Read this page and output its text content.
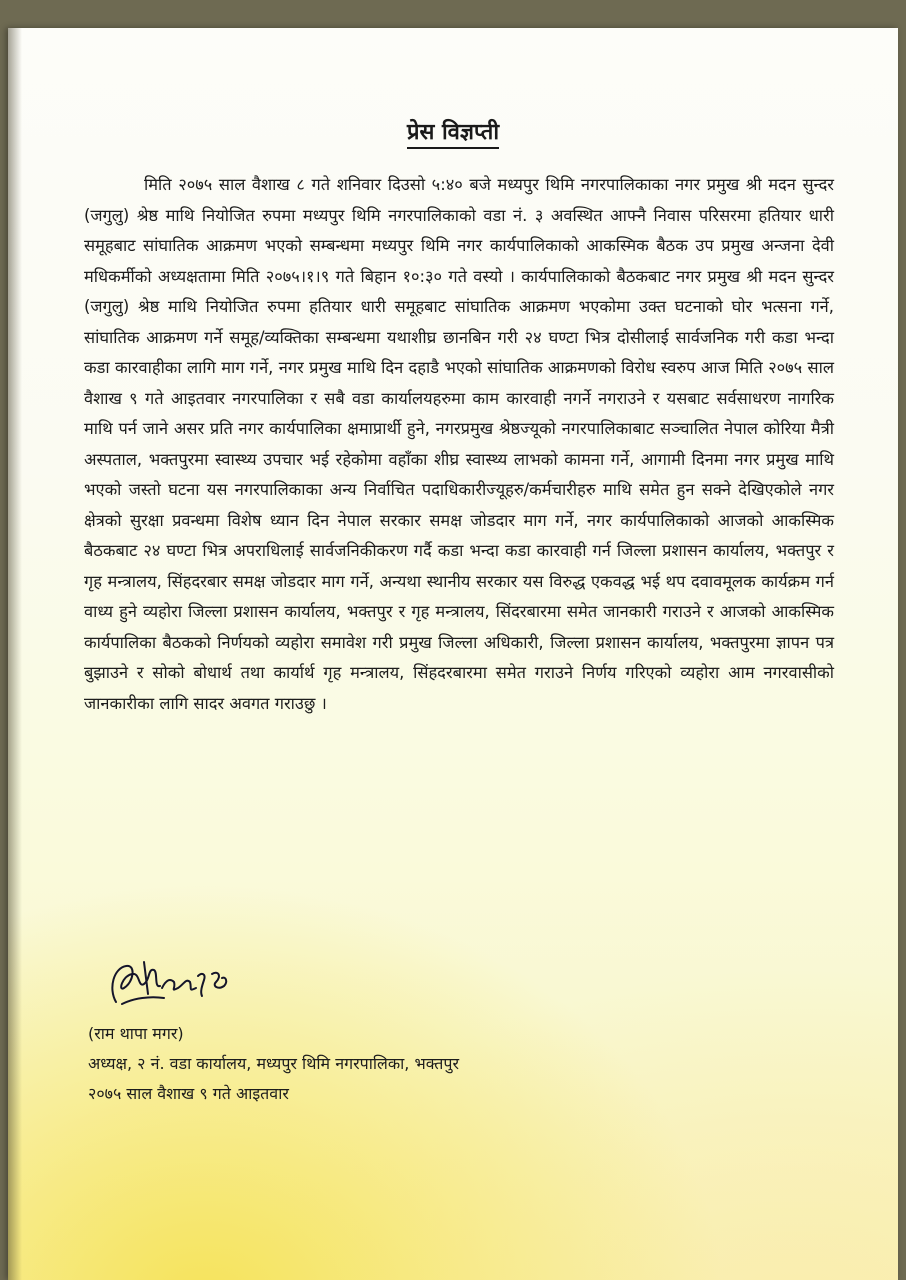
प्रेस विज्ञप्ती

मिति २०७५ साल वैशाख ८ गते शनिवार दिउसो ५:४० बजे मध्यपुर थिमि नगरपालिकाका नगर प्रमुख श्री मदन सुन्दर (जगुलु) श्रेष्ठ माथि नियोजित रुपमा मध्यपुर थिमि नगरपालिकाको वडा नं. ३ अवस्थित आफ्नै निवास परिसरमा हतियार धारी समूहबाट सांघातिक आक्रमण भएको सम्बन्धमा मध्यपुर थिमि नगर कार्यपालिकाको आकस्मिक बैठक उप प्रमुख अन्जना देवी मधिकर्मीको अध्यक्षतामा मिति २०७५।१।९ गते बिहान १०:३० गते वस्यो । कार्यपालिकाको बैठकबाट नगर प्रमुख श्री मदन सुन्दर (जगुलु) श्रेष्ठ माथि नियोजित रुपमा हतियार धारी समूहबाट सांघातिक आक्रमण भएकोमा उक्त घटनाको घोर भत्सना गर्ने, सांघातिक आक्रमण गर्ने समूह/व्यक्तिका सम्बन्धमा यथाशीघ्र छानबिन गरी २४ घण्टा भित्र दोसीलाई सार्वजनिक गरी कडा भन्दा कडा कारवाहीका लागि माग गर्ने, नगर प्रमुख माथि दिन दहाडै भएको सांघातिक आक्रमणको विरोध स्वरुप आज मिति २०७५ साल वैशाख ९ गते आइतवार नगरपालिका र सबै वडा कार्यालयहरुमा काम कारवाही नगर्ने नगराउने र यसबाट सर्वसाधरण नागरिक माथि पर्न जाने असर प्रति नगर कार्यपालिका क्षमाप्रार्थी हुने, नगरप्रमुख श्रेष्ठज्यूको नगरपालिकाबाट सञ्चालित नेपाल कोरिया मैत्री अस्पताल, भक्तपुरमा स्वास्थ्य उपचार भई रहेकोमा वहाँका शीघ्र स्वास्थ्य लाभको कामना गर्ने, आगामी दिनमा नगर प्रमुख माथि भएको जस्तो घटना यस नगरपालिकाका अन्य निर्वाचित पदाधिकारीज्यूहरु/कर्मचारीहरु माथि समेत हुन सक्ने देखिएकोले नगर क्षेत्रको सुरक्षा प्रवन्धमा विशेष ध्यान दिन नेपाल सरकार समक्ष जोडदार माग गर्ने, नगर कार्यपालिकाको आजको आकस्मिक बैठकबाट २४ घण्टा भित्र अपराधिलाई सार्वजनिकीकरण गर्दै कडा भन्दा कडा कारवाही गर्न जिल्ला प्रशासन कार्यालय, भक्तपुर र गृह मन्त्रालय, सिंहदरबार समक्ष जोडदार माग गर्ने, अन्यथा स्थानीय सरकार यस विरुद्ध एकवद्ध भई थप दवावमूलक कार्यक्रम गर्न वाध्य हुने व्यहोरा जिल्ला प्रशासन कार्यालय, भक्तपुर र गृह मन्त्रालय, सिंदरबारमा समेत जानकारी गराउने र आजको आकस्मिक कार्यपालिका बैठकको निर्णयको व्यहोरा समावेश गरी प्रमुख जिल्ला अधिकारी, जिल्ला प्रशासन कार्यालय, भक्तपुरमा ज्ञापन पत्र बुझाउने र सोको बोधार्थ तथा कार्यार्थ गृह मन्त्रालय, सिंहदरबारमा समेत गराउने निर्णय गरिएको व्यहोरा आम नगरवासीको जानकारीका लागि सादर अवगत गराउछु ।

(राम थापा मगर)
अध्यक्ष, २ नं. वडा कार्यालय, मध्यपुर थिमि नगरपालिका, भक्तपुर
२०७५ साल वैशाख ९ गते आइतवार
